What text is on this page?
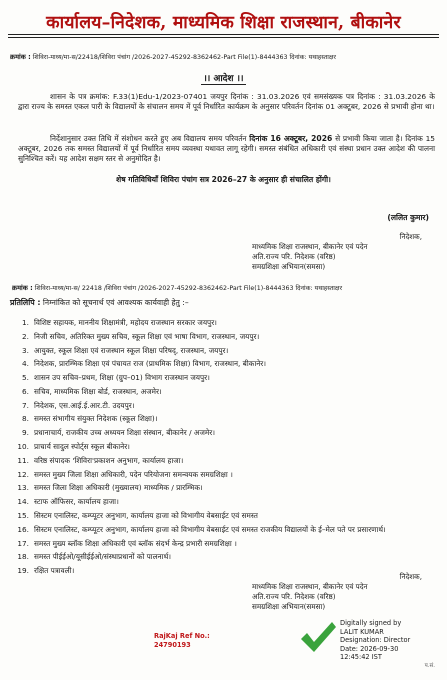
कार्यालय–निदेशक, माध्यमिक शिक्षा राजस्थान, बीकानेर
क्रमांक : शिविरा-माध्य/मा-स/22418/शिविरा पंचांग /2026-2027-45292-8362462-Part File(1)-8444363 दिनांक: यथाहस्ताक्षर
।। आदेश ।।
शासन के पत्र क्रमांक: F.33(1)Edu-1/2023-07401 जयपुर दिनांक : 31.03.2026 एवं समसंख्यक पत्र दिनांक : 31.03.2026 के द्वारा राज्य के समस्त एकल पारी के विद्यालयों के संचालन समय में पूर्व निर्धारित कार्यक्रम के अनुसार परिवर्तन दिनांक 01 अक्टूबर, 2026 से प्रभावी होना था।
निर्देशानुसार उक्त तिथि में संशोधन करते हुए अब विद्यालय समय परिवर्तन दिनांक 16 अक्टूबर, 2026 से प्रभावी किया जाता है। दिनांक 15 अक्टूबर, 2026 तक समस्त विद्यालयों में पूर्व निर्धारित समय व्यवस्था यथावत लागू रहेगी। समस्त संबंधित अधिकारी एवं संस्था प्रधान उक्त आदेश की पालना सुनिश्चित करें। यह आदेश सक्षम स्तर से अनुमोदित है।
शेष गतिविधियाँ शिविरा पंचांग सत्र 2026–27 के अनुसार ही संचालित होंगी।
(ललित कुमार)
निदेशक,
माध्यमिक शिक्षा राजस्थान, बीकानेर एवं पदेन
अति.राज्य परि. निदेशक (वरिष्ठ)
समग्रशिक्षा अभियान(समसा)
क्रमांक : शिविरा-माध्य/मा-स/ 22418 /शिविरा पंचांग /2026-2027-45292-8362462-Part File(1)-8444363 दिनांक: यथाहस्ताक्षर
प्रतिलिपि : निम्नांकित को सूचनार्थ एवं आवश्यक कार्यवाही हेतु :–
1. विशिष्ट सहायक, माननीय शिक्षामंत्री, महोदय राजस्थान सरकार जयपुर।
2. निजी सचिव, अतिरिक्त मुख्य सचिव, स्कूल शिक्षा एवं भाषा विभाग, राजस्थान, जयपुर।
3. आयुक्त, स्कूल शिक्षा एवं राजस्थान स्कूल शिक्षा परिषद्, राजस्थान, जयपुर।
4. निदेशक, प्रारम्भिक शिक्षा एवं पंचायत राज (प्राथमिक शिक्षा) विभाग, राजस्थान, बीकानेर।
5. शासन उप सचिव–प्रथम, शिक्षा (ग्रुप–01) विभाग राजस्थान जयपुर।
6. सचिव, माध्यमिक शिक्षा बोर्ड, राजस्थान, अजमेर।
7. निदेशक, एस.आई.ई.आर.टी. उदयपुर।
8. समस्त संभागीय संयुक्त निदेशक (स्कूल शिक्षा)।
9. प्रधानाचार्य, राजकीय उच्च अध्ययन शिक्षा संस्थान, बीकानेर / अजमेर।
10. प्राचार्य सादुल स्पोर्ट्स स्कूल बीकानेर।
11. वरिष्ठ संपादक 'शिविरा'प्रकाशन अनुभाग, कार्यालय हाजा।
12. समस्त मुख्य जिला शिक्षा अधिकारी, पदेन परियोजना समन्वयक समग्रशिक्षा ।
13. समस्त जिला शिक्षा अधिकारी (मुख्यालय) माध्यमिक / प्रारम्भिक।
14. स्टाफ ऑफिसर, कार्यालय हाजा।
15. सिस्टम एनालिस्ट, कम्प्यूटर अनुभाग, कार्यालय हाजा को विभागीय वेबसाईट एवं समस्त
16. सिस्टम एनालिस्ट, कम्प्यूटर अनुभाग, कार्यालय हाजा को विभागीय वेबसाईट एवं समस्त राजकीय विद्यालयों के ई–मेल पते पर प्रसारणार्थ।
17. समस्त मुख्य ब्लॉक शिक्षा अधिकारी एवं ब्लॉक संदर्भ केन्द्र प्रभारी समग्रशिक्षा ।
18. समस्त पीईईओ/यूसीईईओ/संस्थाप्रधानों को पालनार्थ।
19. रक्षित पत्रावली।
निदेशक,
माध्यमिक शिक्षा राजस्थान, बीकानेर एवं पदेन
अति.राज्य परि. निदेशक (वरिष्ठ)
समग्रशिक्षा अभियान(समसा)
RajKaj Ref No.:
24790193
Digitally signed by
LALIT KUMAR
Designation: Director
Date: 2026-09-30
12:45:42 IST
प.सं.
